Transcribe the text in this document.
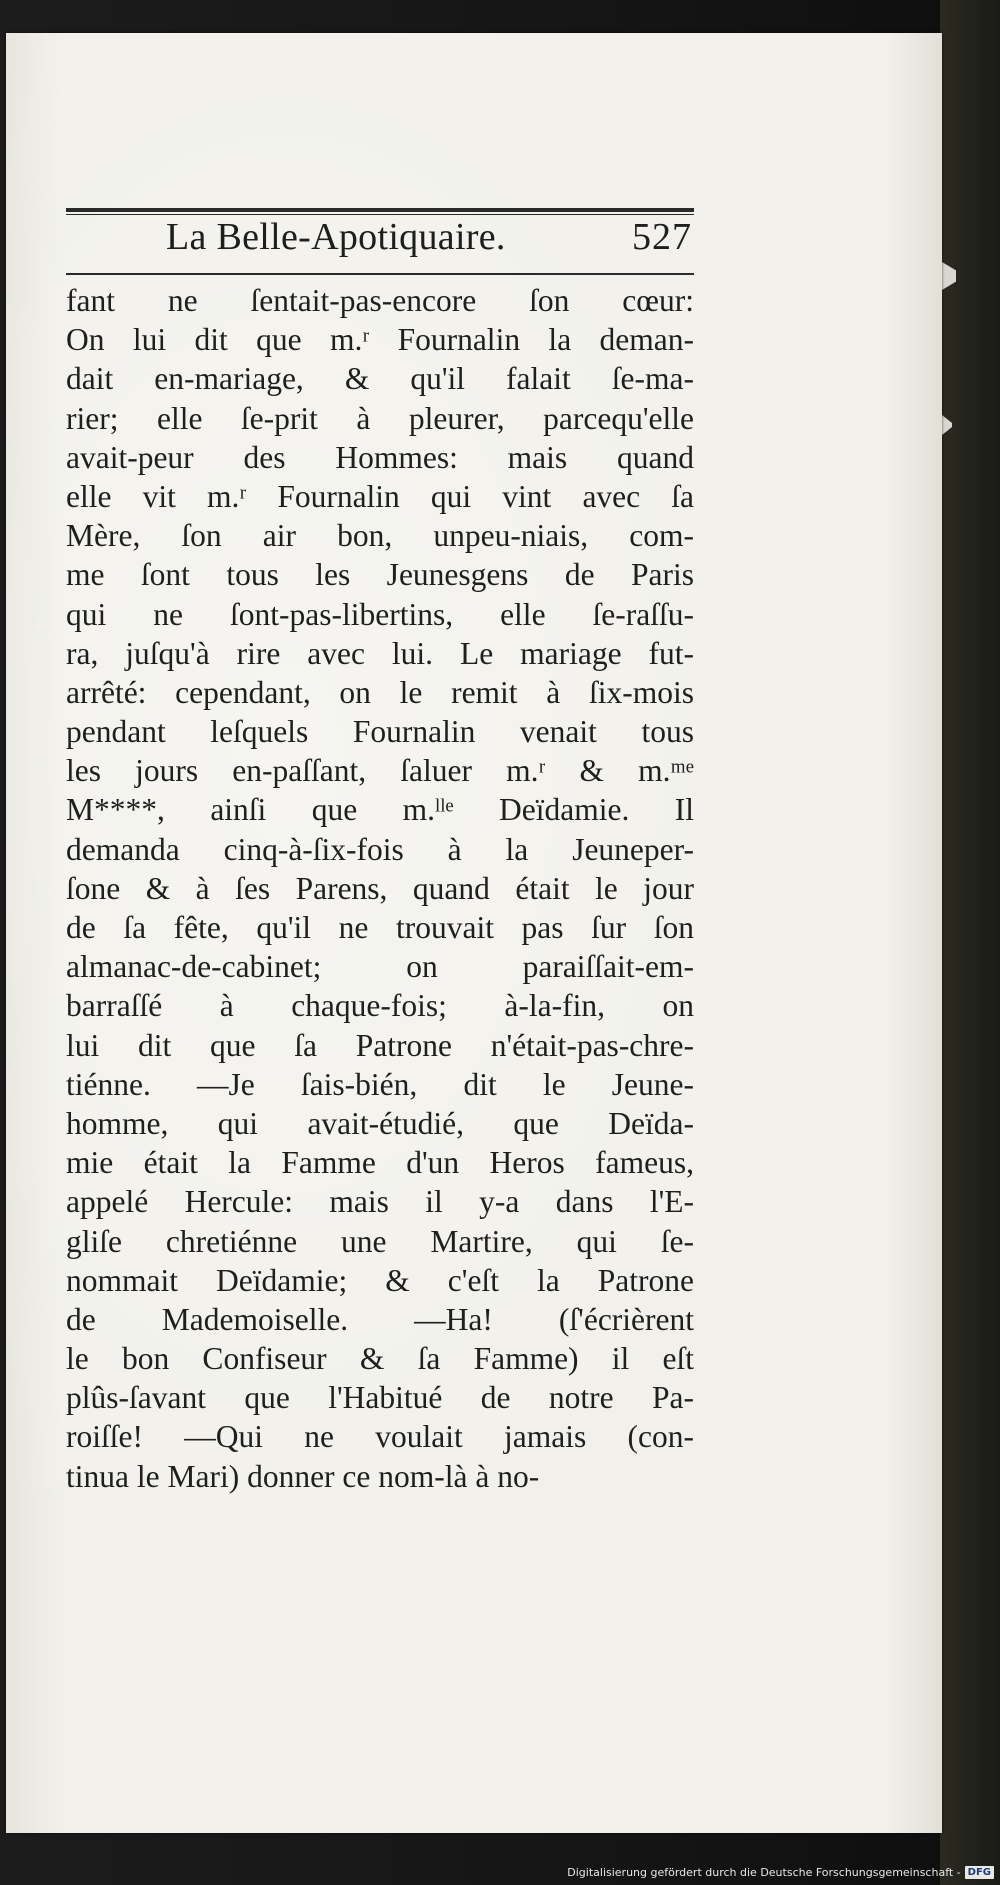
La Belle-Apotiquaire.	527
fant ne ſentait-pas-encore ſon cœur:
On lui dit que m.ʳ Fournalin la deman-
dait en-mariage, & qu'il falait ſe-ma-
rier; elle ſe-prit à pleurer, parcequ'elle
avait-peur des Hommes: mais quand
elle vit m.ʳ Fournalin qui vint avec ſa
Mère, ſon air bon, unpeu-niais, com-
me ſont tous les Jeunesgens de Paris
qui ne ſont-pas-libertins, elle ſe-raſſu-
ra, juſqu'à rire avec lui. Le mariage fut-
arrêté: cependant, on le remit à ſix-mois
pendant leſquels Fournalin venait tous
les jours en-paſſant, ſaluer m.ʳ & m.ᵐᵉ
M****, ainſi que m.ˡˡᵉ Deïdamie. Il
demanda cinq-à-ſix-fois à la Jeuneper-
ſone & à ſes Parens, quand était le jour
de ſa fête, qu'il ne trouvait pas ſur ſon
almanac-de-cabinet; on paraiſſait-em-
barraſſé à chaque-fois; à-la-fin, on
lui dit que ſa Patrone n'était-pas-chre-
tiénne. —Je ſais-bién, dit le Jeune-
homme, qui avait-étudié, que Deïda-
mie était la Famme d'un Heros fameus,
appelé Hercule: mais il y-a dans l'E-
gliſe chretiénne une Martire, qui ſe-
nommait Deïdamie; & c'eſt la Patrone
de Mademoiselle. —Ha! (ſ'écrièrent
le bon Confiseur & ſa Famme) il eſt
plûs-ſavant que l'Habitué de notre Pa-
roiſſe! —Qui ne voulait jamais (con-
tinua le Mari) donner ce nom-là à no-
Digitalisierung gefördert durch die Deutsche Forschungsgemeinschaft - DFG
